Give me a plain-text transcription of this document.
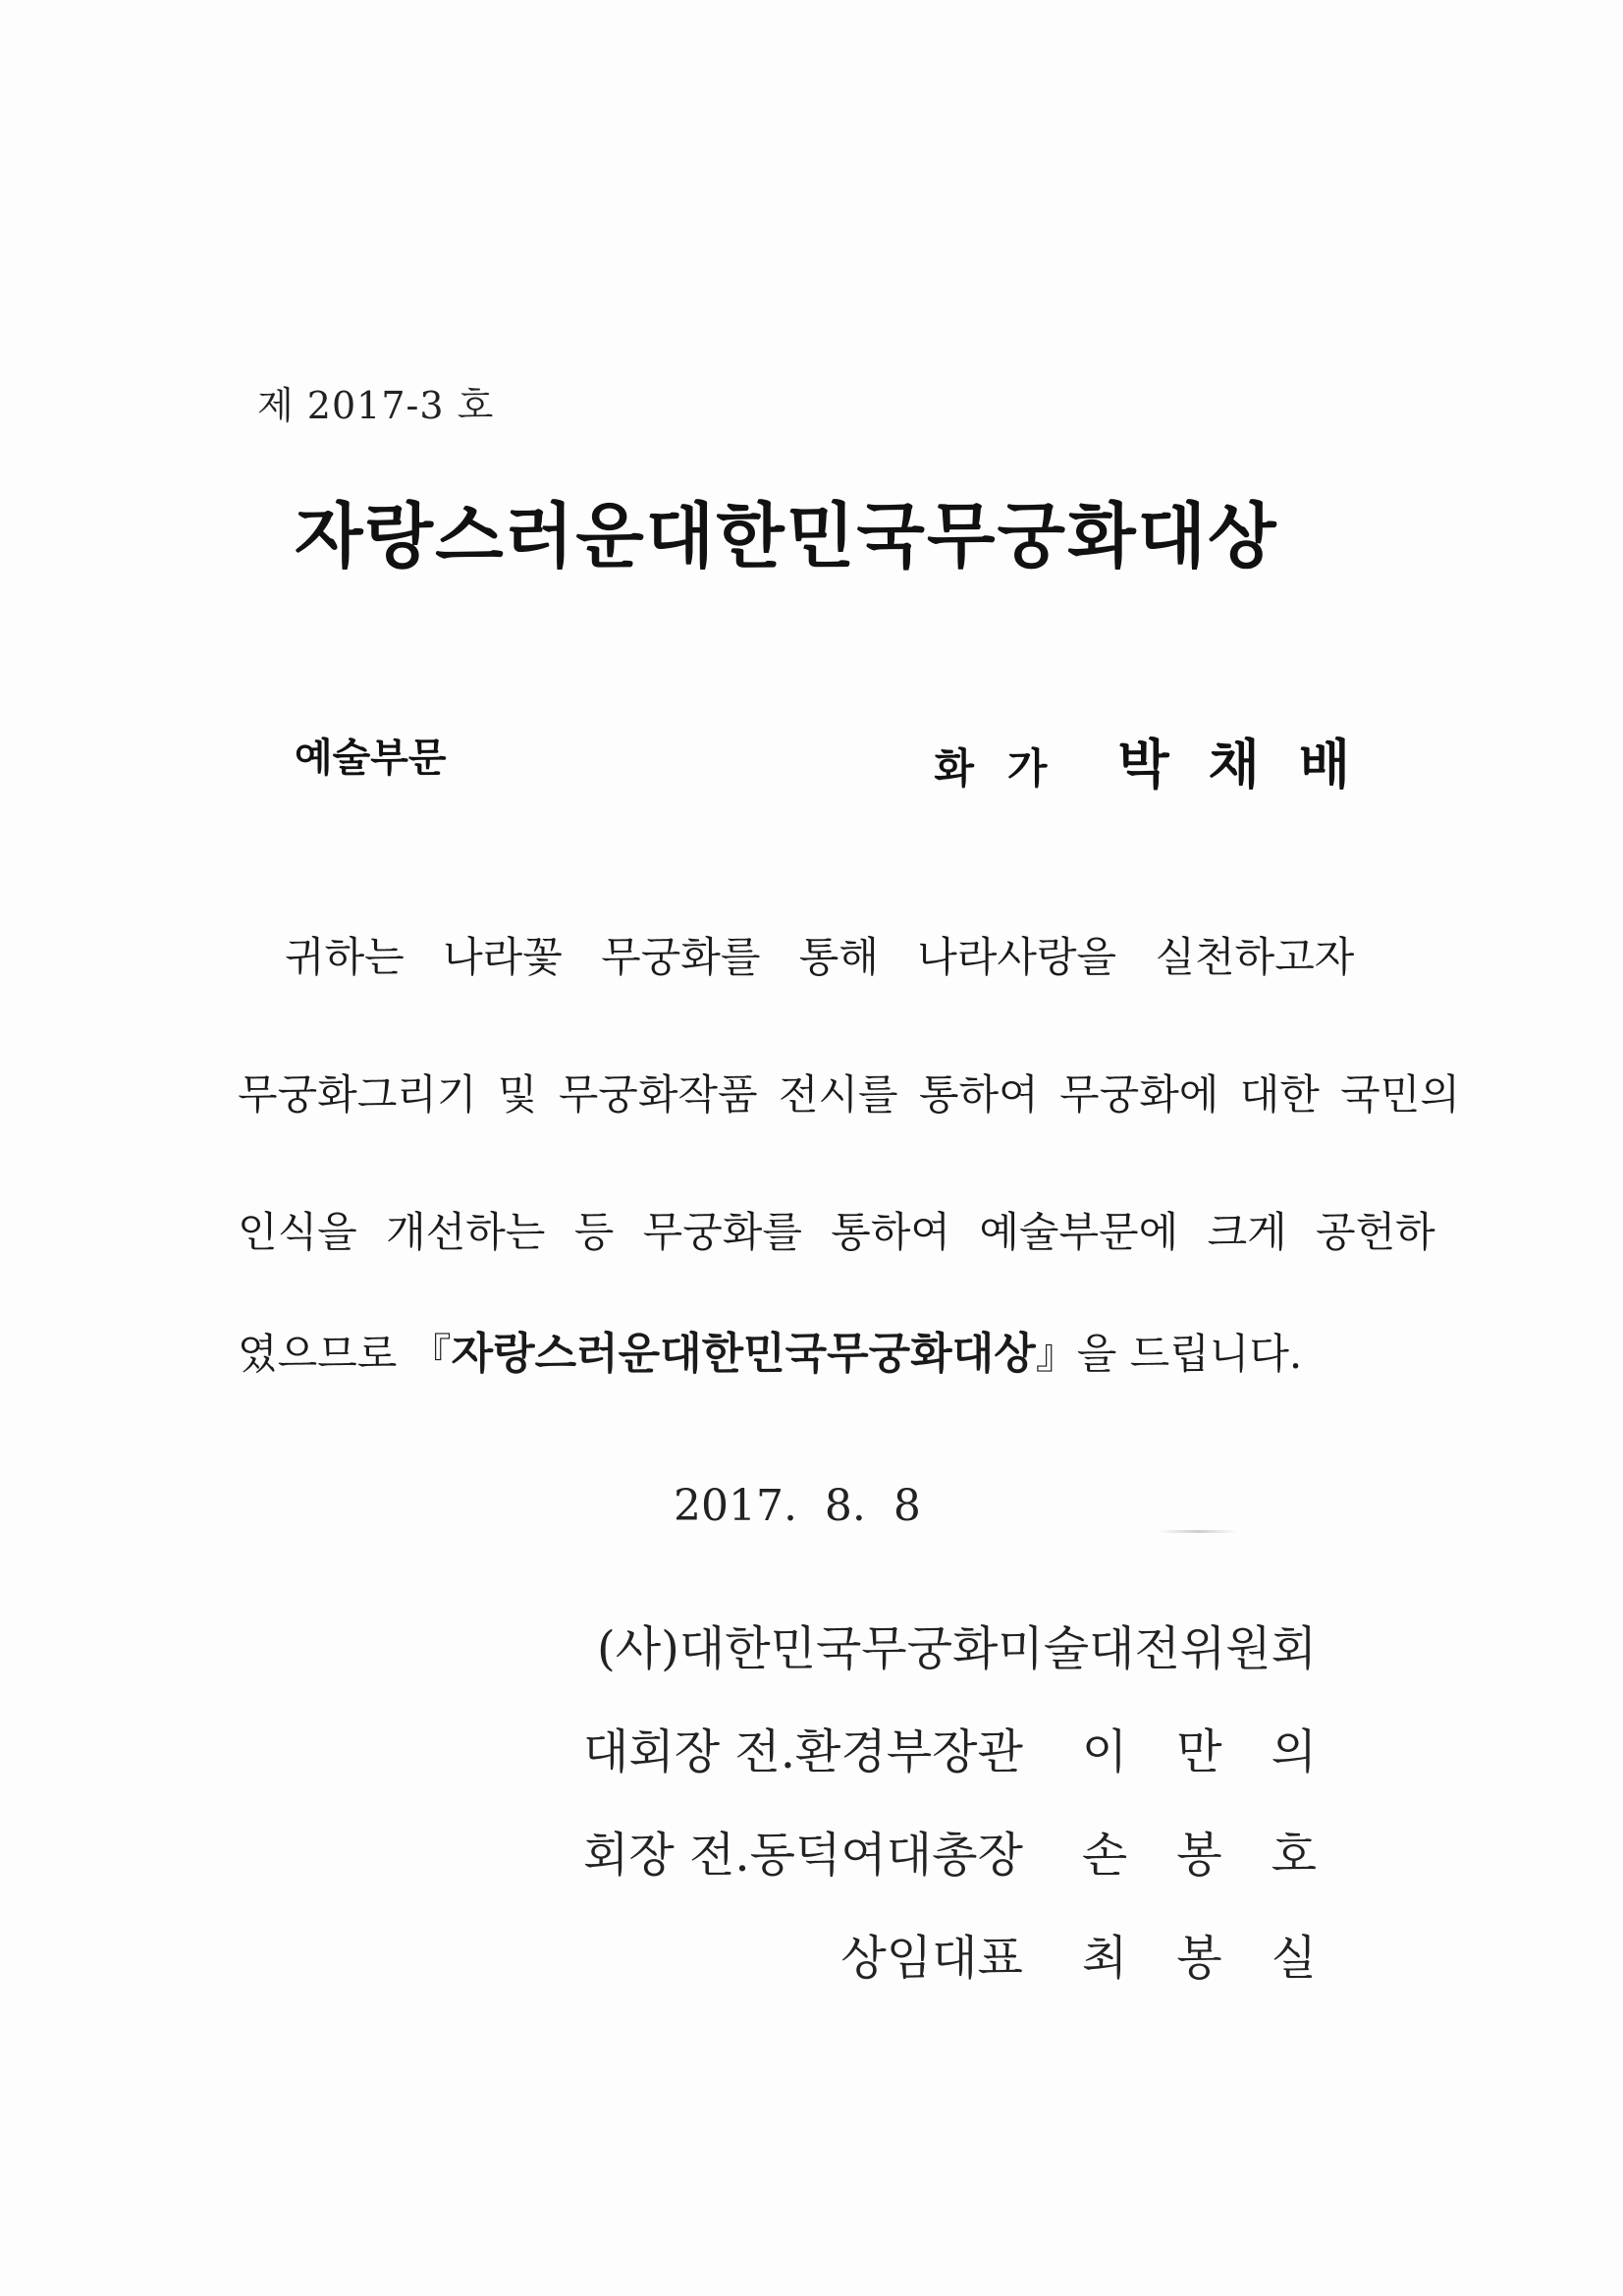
제 2017-3 호
자랑스러운대한민국무궁화대상
예술부문	화가 박채배
귀하는 나라꽃 무궁화를 통해 나라사랑을 실천하고자
무궁화그리기 및 무궁화작품 전시를 통하여 무궁화에 대한 국민의
인식을 개선하는 등 무궁화를 통하여 예술부문에 크게 공헌하
였으므로 『자랑스러운대한민국무궁화대상』을 드립니다.
2017.  8.  8
(사)대한민국무궁화미술대전위원회
대회장 전.환경부장관 이만의
회장 전.동덕여대총장 손봉호
상임대표 최봉실
